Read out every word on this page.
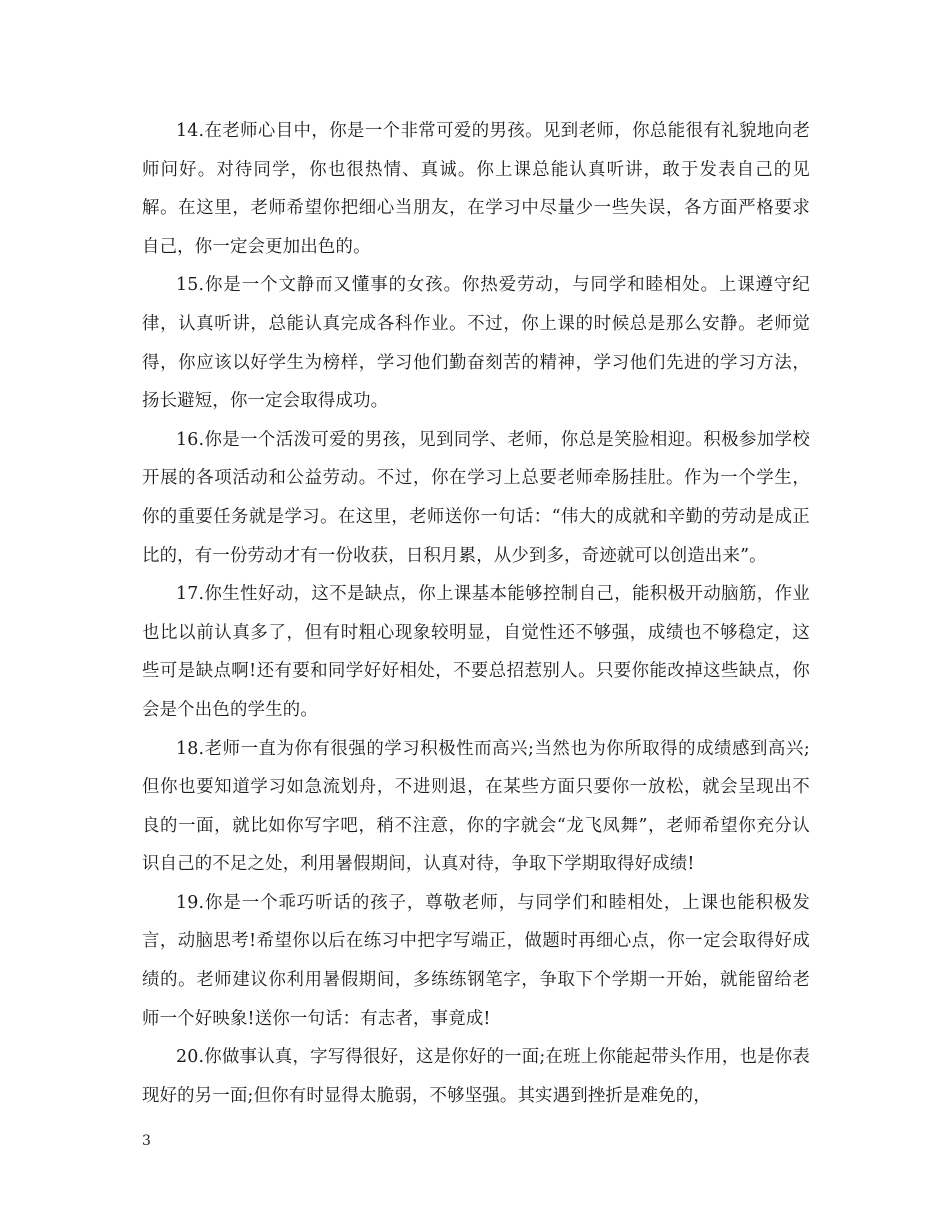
14.在老师心目中，你是一个非常可爱的男孩。见到老师，你总能很有礼貌地向老师问好。对待同学，你也很热情、真诚。你上课总能认真听讲，敢于发表自己的见解。在这里，老师希望你把细心当朋友，在学习中尽量少一些失误，各方面严格要求自己，你一定会更加出色的。

15.你是一个文静而又懂事的女孩。你热爱劳动，与同学和睦相处。上课遵守纪律，认真听讲，总能认真完成各科作业。不过，你上课的时候总是那么安静。老师觉得，你应该以好学生为榜样，学习他们勤奋刻苦的精神，学习他们先进的学习方法，扬长避短，你一定会取得成功。

16.你是一个活泼可爱的男孩，见到同学、老师，你总是笑脸相迎。积极参加学校开展的各项活动和公益劳动。不过，你在学习上总要老师牵肠挂肚。作为一个学生，你的重要任务就是学习。在这里，老师送你一句话：“伟大的成就和辛勤的劳动是成正比的，有一份劳动才有一份收获，日积月累，从少到多，奇迹就可以创造出来”。

17.你生性好动，这不是缺点，你上课基本能够控制自己，能积极开动脑筋，作业也比以前认真多了，但有时粗心现象较明显，自觉性还不够强，成绩也不够稳定，这些可是缺点啊!还有要和同学好好相处，不要总招惹别人。只要你能改掉这些缺点，你会是个出色的学生的。

18.老师一直为你有很强的学习积极性而高兴;当然也为你所取得的成绩感到高兴;但你也要知道学习如急流划舟，不进则退，在某些方面只要你一放松，就会呈现出不良的一面，就比如你写字吧，稍不注意，你的字就会“龙飞凤舞”，老师希望你充分认识自己的不足之处，利用暑假期间，认真对待，争取下学期取得好成绩!

19.你是一个乖巧听话的孩子，尊敬老师，与同学们和睦相处，上课也能积极发言，动脑思考!希望你以后在练习中把字写端正，做题时再细心点，你一定会取得好成绩的。老师建议你利用暑假期间，多练练钢笔字，争取下个学期一开始，就能留给老师一个好映象!送你一句话：有志者，事竟成!

20.你做事认真，字写得很好，这是你好的一面;在班上你能起带头作用，也是你表现好的另一面;但你有时显得太脆弱，不够坚强。其实遇到挫折是难免的，

3
